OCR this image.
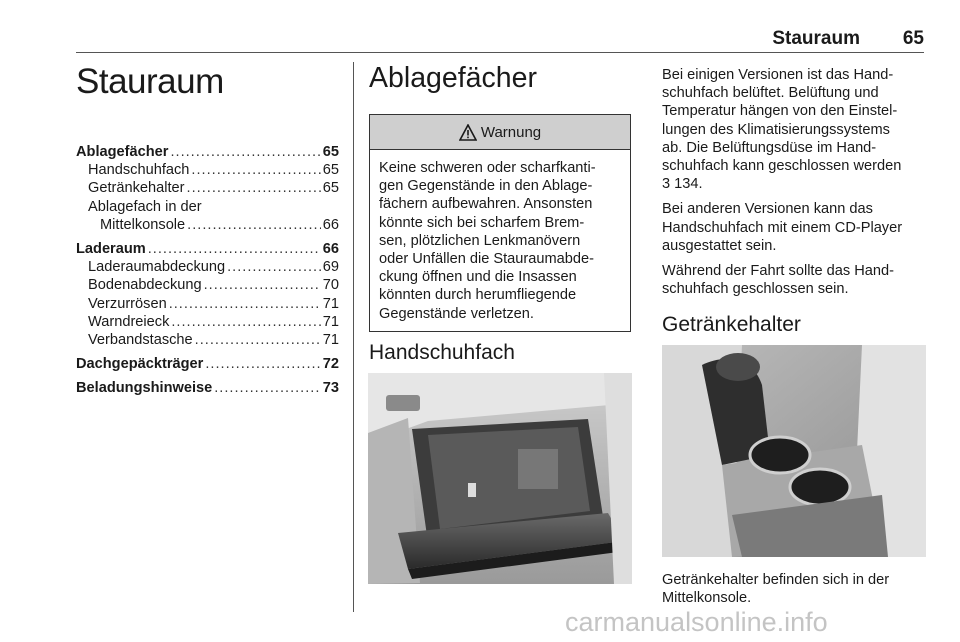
Stauraum 65
Stauraum
Ablagefächer .....	65
Handschuhfach .....	65
Getränkehalter .....	65
Ablagefach in der
Mittelkonsole .....	66
Laderaum .....	66
Laderaumabdeckung .....	69
Bodenabdeckung .....	70
Verzurrösen .....	71
Warndreieck .....	71
Verbandstasche .....	71
Dachgepäckträger .....	72
Beladungshinweise .....	73
Ablagefächer
Warnung
Keine schweren oder scharfkanti-
gen Gegenstände in den Ablage-
fächern aufbewahren. Ansonsten
könnte sich bei scharfem Brem-
sen, plötzlichen Lenkmanövern
oder Unfällen die Stauraumabde-
ckung öffnen und die Insassen
könnten durch herumfliegende
Gegenstände verletzen.
Handschuhfach

Bei einigen Versionen ist das Hand-
schuhfach belüftet. Belüftung und
Temperatur hängen von den Einstel-
lungen des Klimatisierungssystems
ab. Die Belüftungsdüse im Hand-
schuhfach kann geschlossen werden
3 134.

Bei anderen Versionen kann das
Handschuhfach mit einem CD-Player
ausgestattet sein.

Während der Fahrt sollte das Hand-
schuhfach geschlossen sein.

Getränkehalter
Getränkehalter befinden sich in der
Mittelkonsole.
carmanualsonline.info
